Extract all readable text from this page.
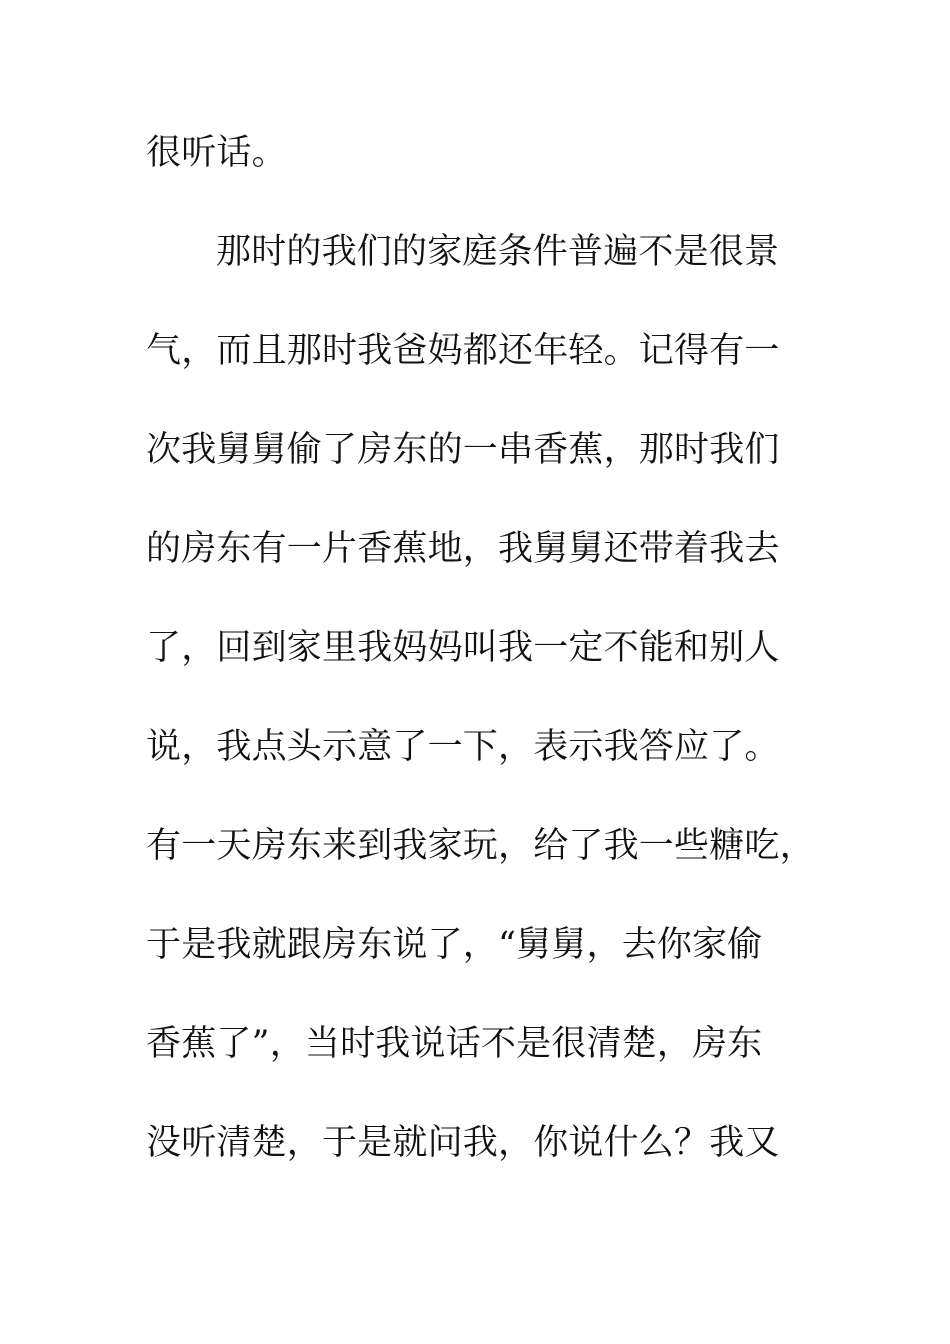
很听话。
那时的我们的家庭条件普遍不是很景
气，而且那时我爸妈都还年轻。记得有一
次我舅舅偷了房东的一串香蕉，那时我们
的房东有一片香蕉地，我舅舅还带着我去
了，回到家里我妈妈叫我一定不能和别人
说，我点头示意了一下，表示我答应了。
有一天房东来到我家玩，给了我一些糖吃，
于是我就跟房东说了，“舅舅，去你家偷
香蕉了”，当时我说话不是很清楚，房东
没听清楚，于是就问我，你说什么？我又
